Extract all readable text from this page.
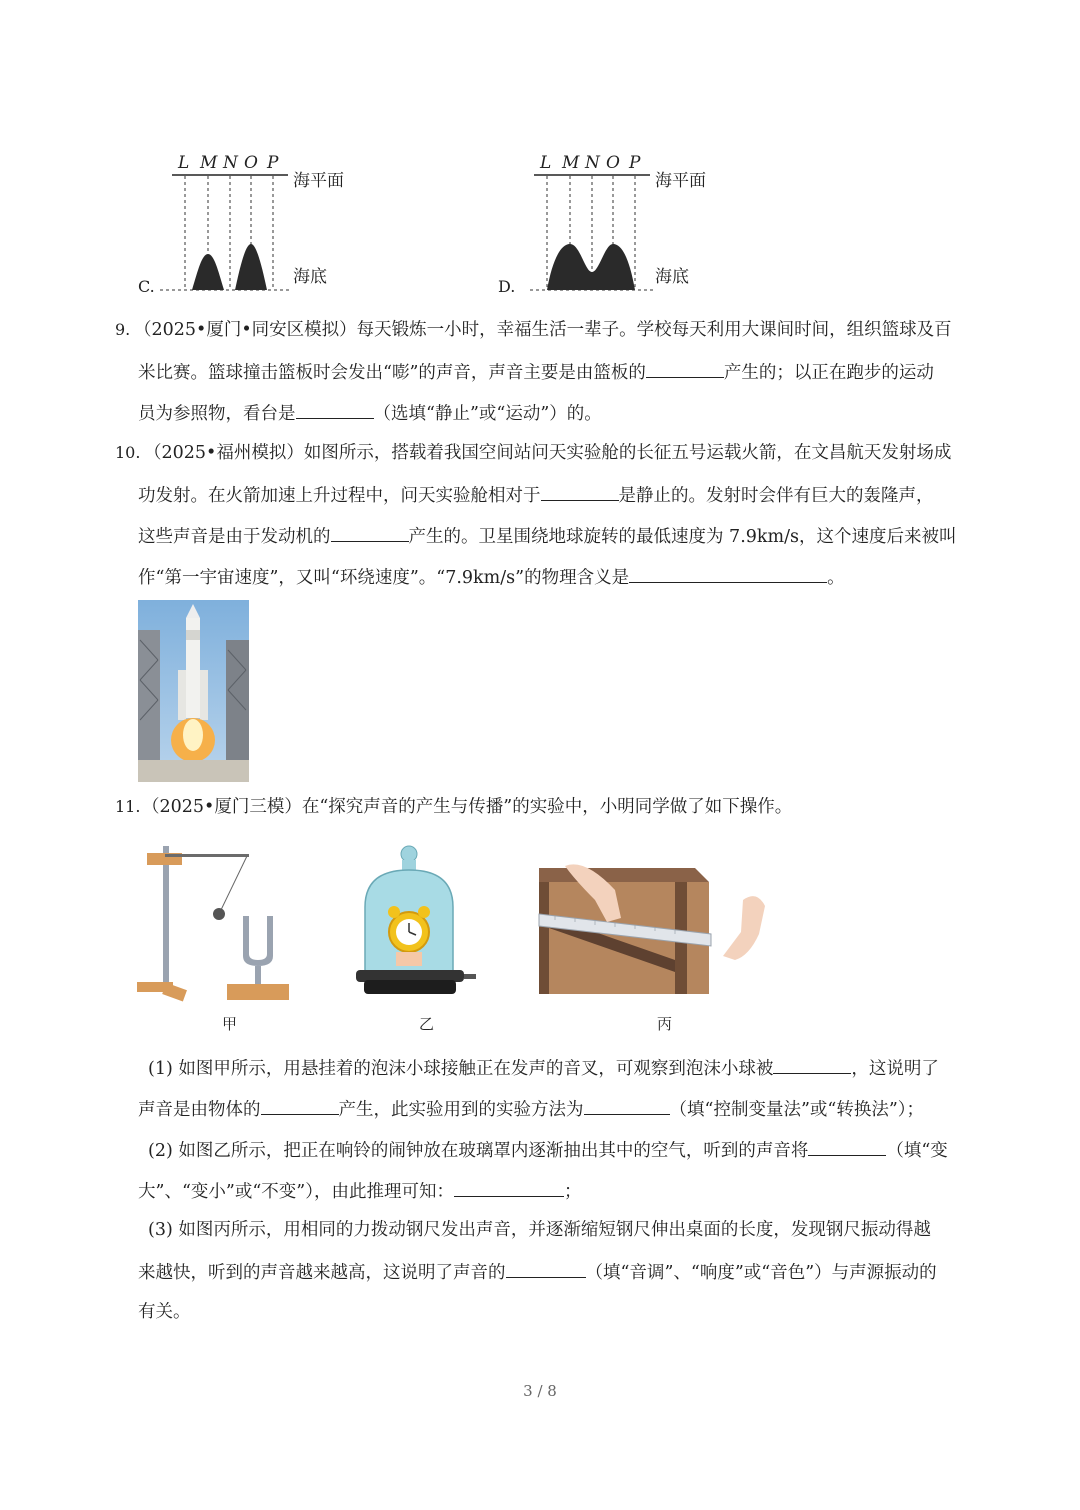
L M N O P
海平面
海底
C.
L M N O P
海平面
海底
D.
9. （2025•厦门•同安区模拟）每天锻炼一小时，幸福生活一辈子。学校每天利用大课间时间，组织篮球及百
米比赛。篮球撞击篮板时会发出“嘭”的声音，声音主要是由篮板的	产生的；以正在跑步的运动
员为参照物，看台是	（选填“静止”或“运动”）的。
10. （2025•福州模拟）如图所示，搭载着我国空间站问天实验舱的长征五号运载火箭，在文昌航天发射场成
功发射。在火箭加速上升过程中，问天实验舱相对于	是静止的。发射时会伴有巨大的轰隆声，
这些声音是由于发动机的	产生的。卫星围绕地球旋转的最低速度为 7.9km/s，这个速度后来被叫
作“第一宇宙速度”，又叫“环绕速度”。“7.9km/s”的物理含义是	。
11. （2025•厦门三模）在“探究声音的产生与传播”的实验中，小明同学做了如下操作。
甲	乙	丙
(1) 如图甲所示，用悬挂着的泡沫小球接触正在发声的音叉，可观察到泡沫小球被	，这说明了
声音是由物体的	产生，此实验用到的实验方法为	（填“控制变量法”或“转换法”）；
(2) 如图乙所示，把正在响铃的闹钟放在玻璃罩内逐渐抽出其中的空气，听到的声音将	（填“变
大”、“变小”或“不变”），由此推理可知：	；
(3) 如图丙所示，用相同的力拨动钢尺发出声音，并逐渐缩短钢尺伸出桌面的长度，发现钢尺振动得越
来越快，听到的声音越来越高，这说明了声音的	（填“音调”、“响度”或“音色”）与声源振动的
有关。
3 / 8
